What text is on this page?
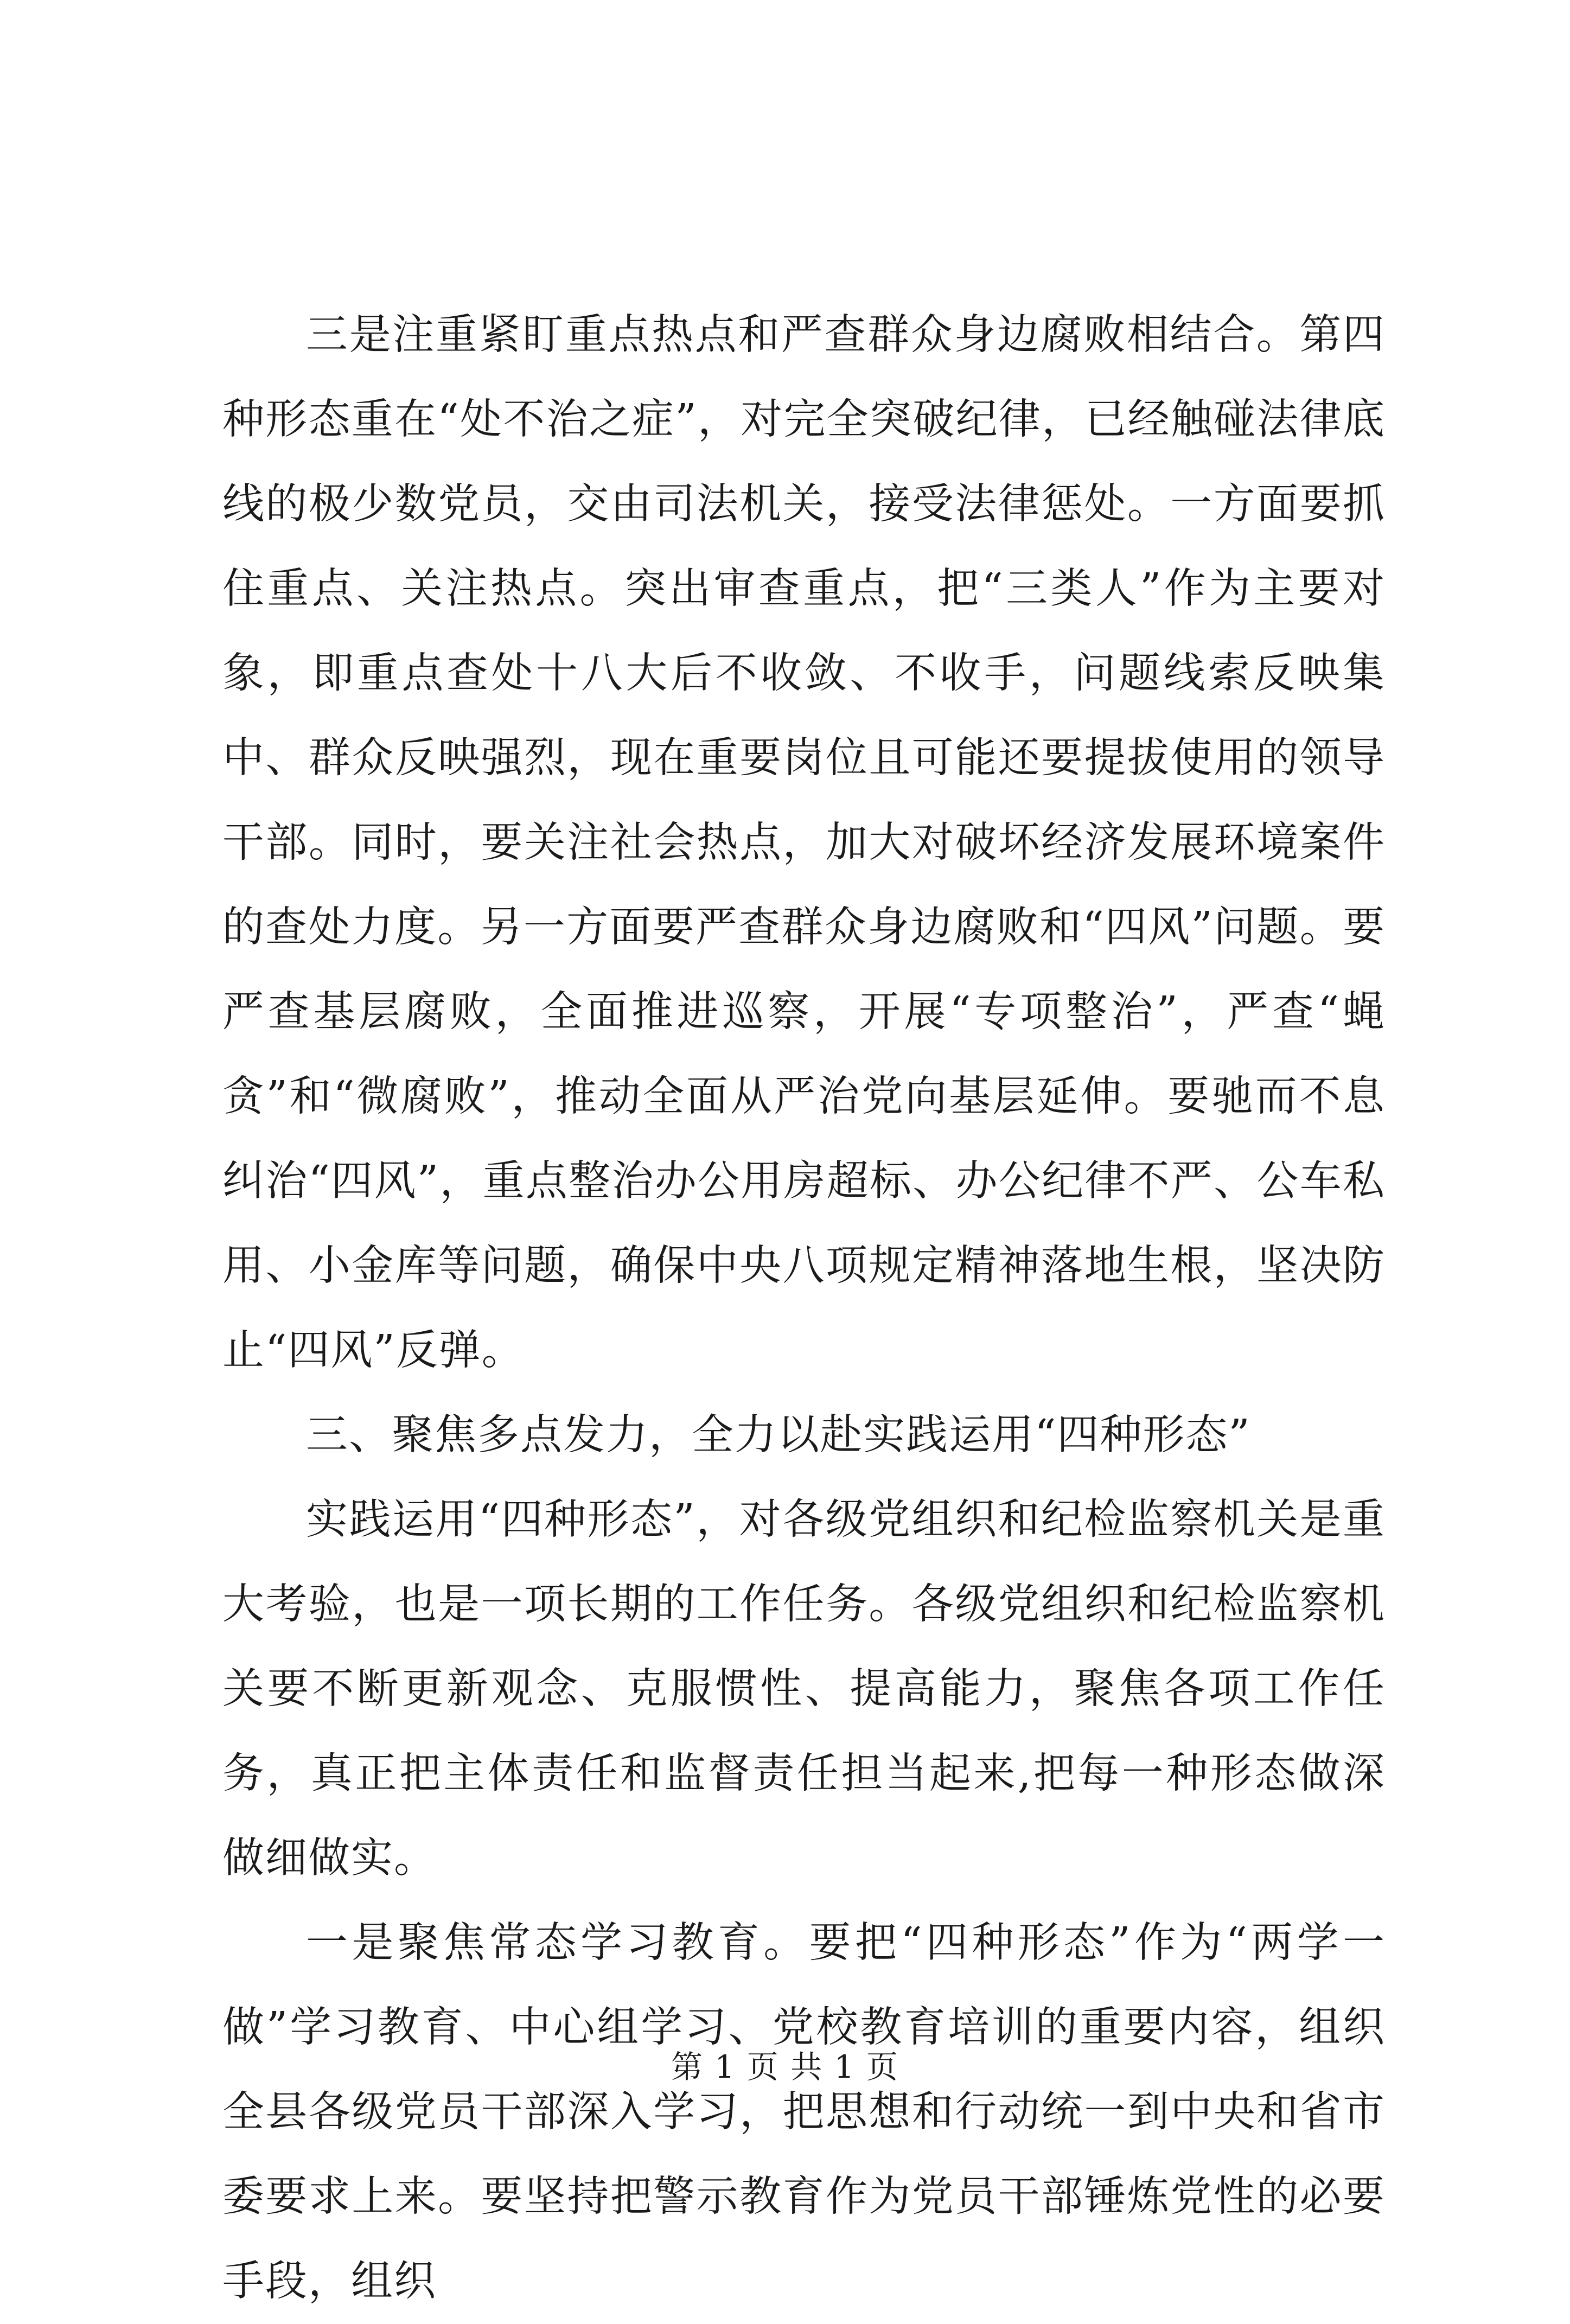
三是注重紧盯重点热点和严查群众身边腐败相结合。第四种形态重在“处不治之症”，对完全突破纪律，已经触碰法律底线的极少数党员，交由司法机关，接受法律惩处。一方面要抓住重点、关注热点。突出审查重点，把“三类人”作为主要对象，即重点查处十八大后不收敛、不收手，问题线索反映集中、群众反映强烈，现在重要岗位且可能还要提拔使用的领导干部。同时，要关注社会热点，加大对破坏经济发展环境案件的查处力度。另一方面要严查群众身边腐败和“四风”问题。要严查基层腐败，全面推进巡察，开展“专项整治”，严查“蝇贪”和“微腐败”，推动全面从严治党向基层延伸。要驰而不息纠治“四风”，重点整治办公用房超标、办公纪律不严、公车私用、小金库等问题，确保中央八项规定精神落地生根，坚决防止“四风”反弹。

三、聚焦多点发力，全力以赴实践运用“四种形态”

实践运用“四种形态”，对各级党组织和纪检监察机关是重大考验，也是一项长期的工作任务。各级党组织和纪检监察机关要不断更新观念、克服惯性、提高能力，聚焦各项工作任务，真正把主体责任和监督责任担当起来,把每一种形态做深做细做实。

一是聚焦常态学习教育。要把“四种形态”作为“两学一做”学习教育、中心组学习、党校教育培训的重要内容，组织全县各级党员干部深入学习，把思想和行动统一到中央和省市委要求上来。要坚持把警示教育作为党员干部锤炼党性的必要手段，组织

第 1 页 共 1 页
